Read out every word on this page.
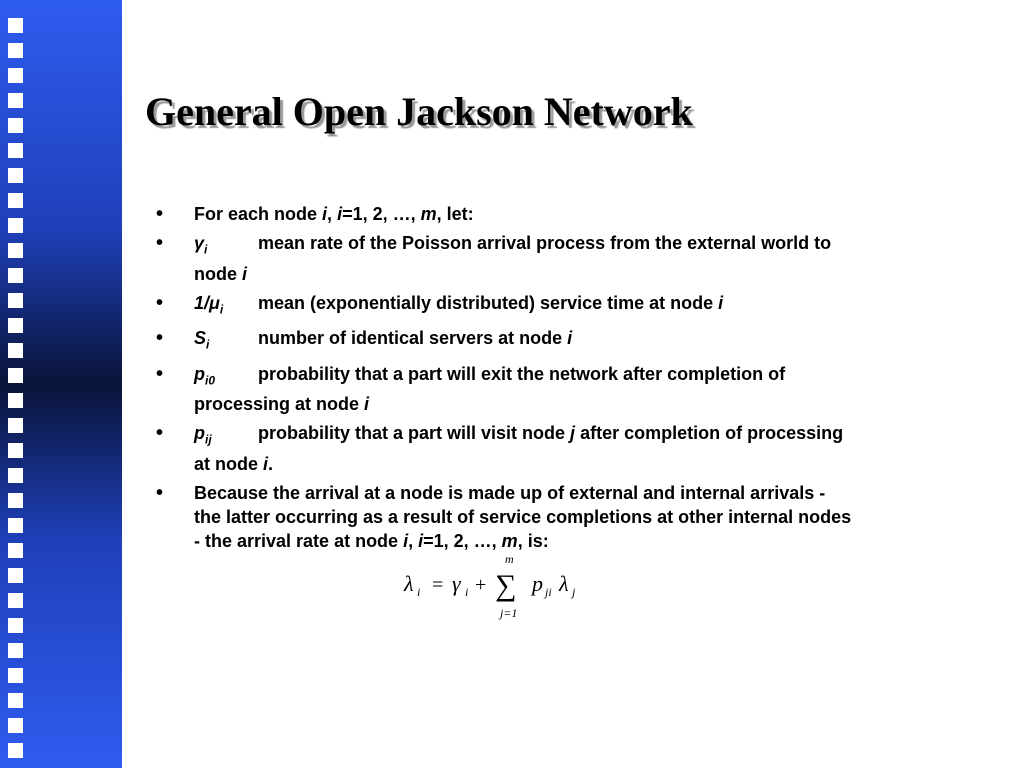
General Open Jackson Network
• For each node i, i=1, 2, …, m, let:
• $\gamma_i$	mean rate of the Poisson arrival process from the external world to node i
• $1/\mu_i$ mean (exponentially distributed) service time at node i
• $S_i$	number of identical servers at node i
• $p_{i0}$ probability that a part will exit the network after completion of processing at node i
• $p_{ij}$	probability that a part will visit node j after completion of processing at node i.
• Because the arrival at a node is made up of external and internal arrivals - the latter occurring as a result of service completions at other internal nodes - the arrival rate at node i, i=1, 2, …, m, is:
λ i = γ i +
m
∑
j=1
p ji λ j
